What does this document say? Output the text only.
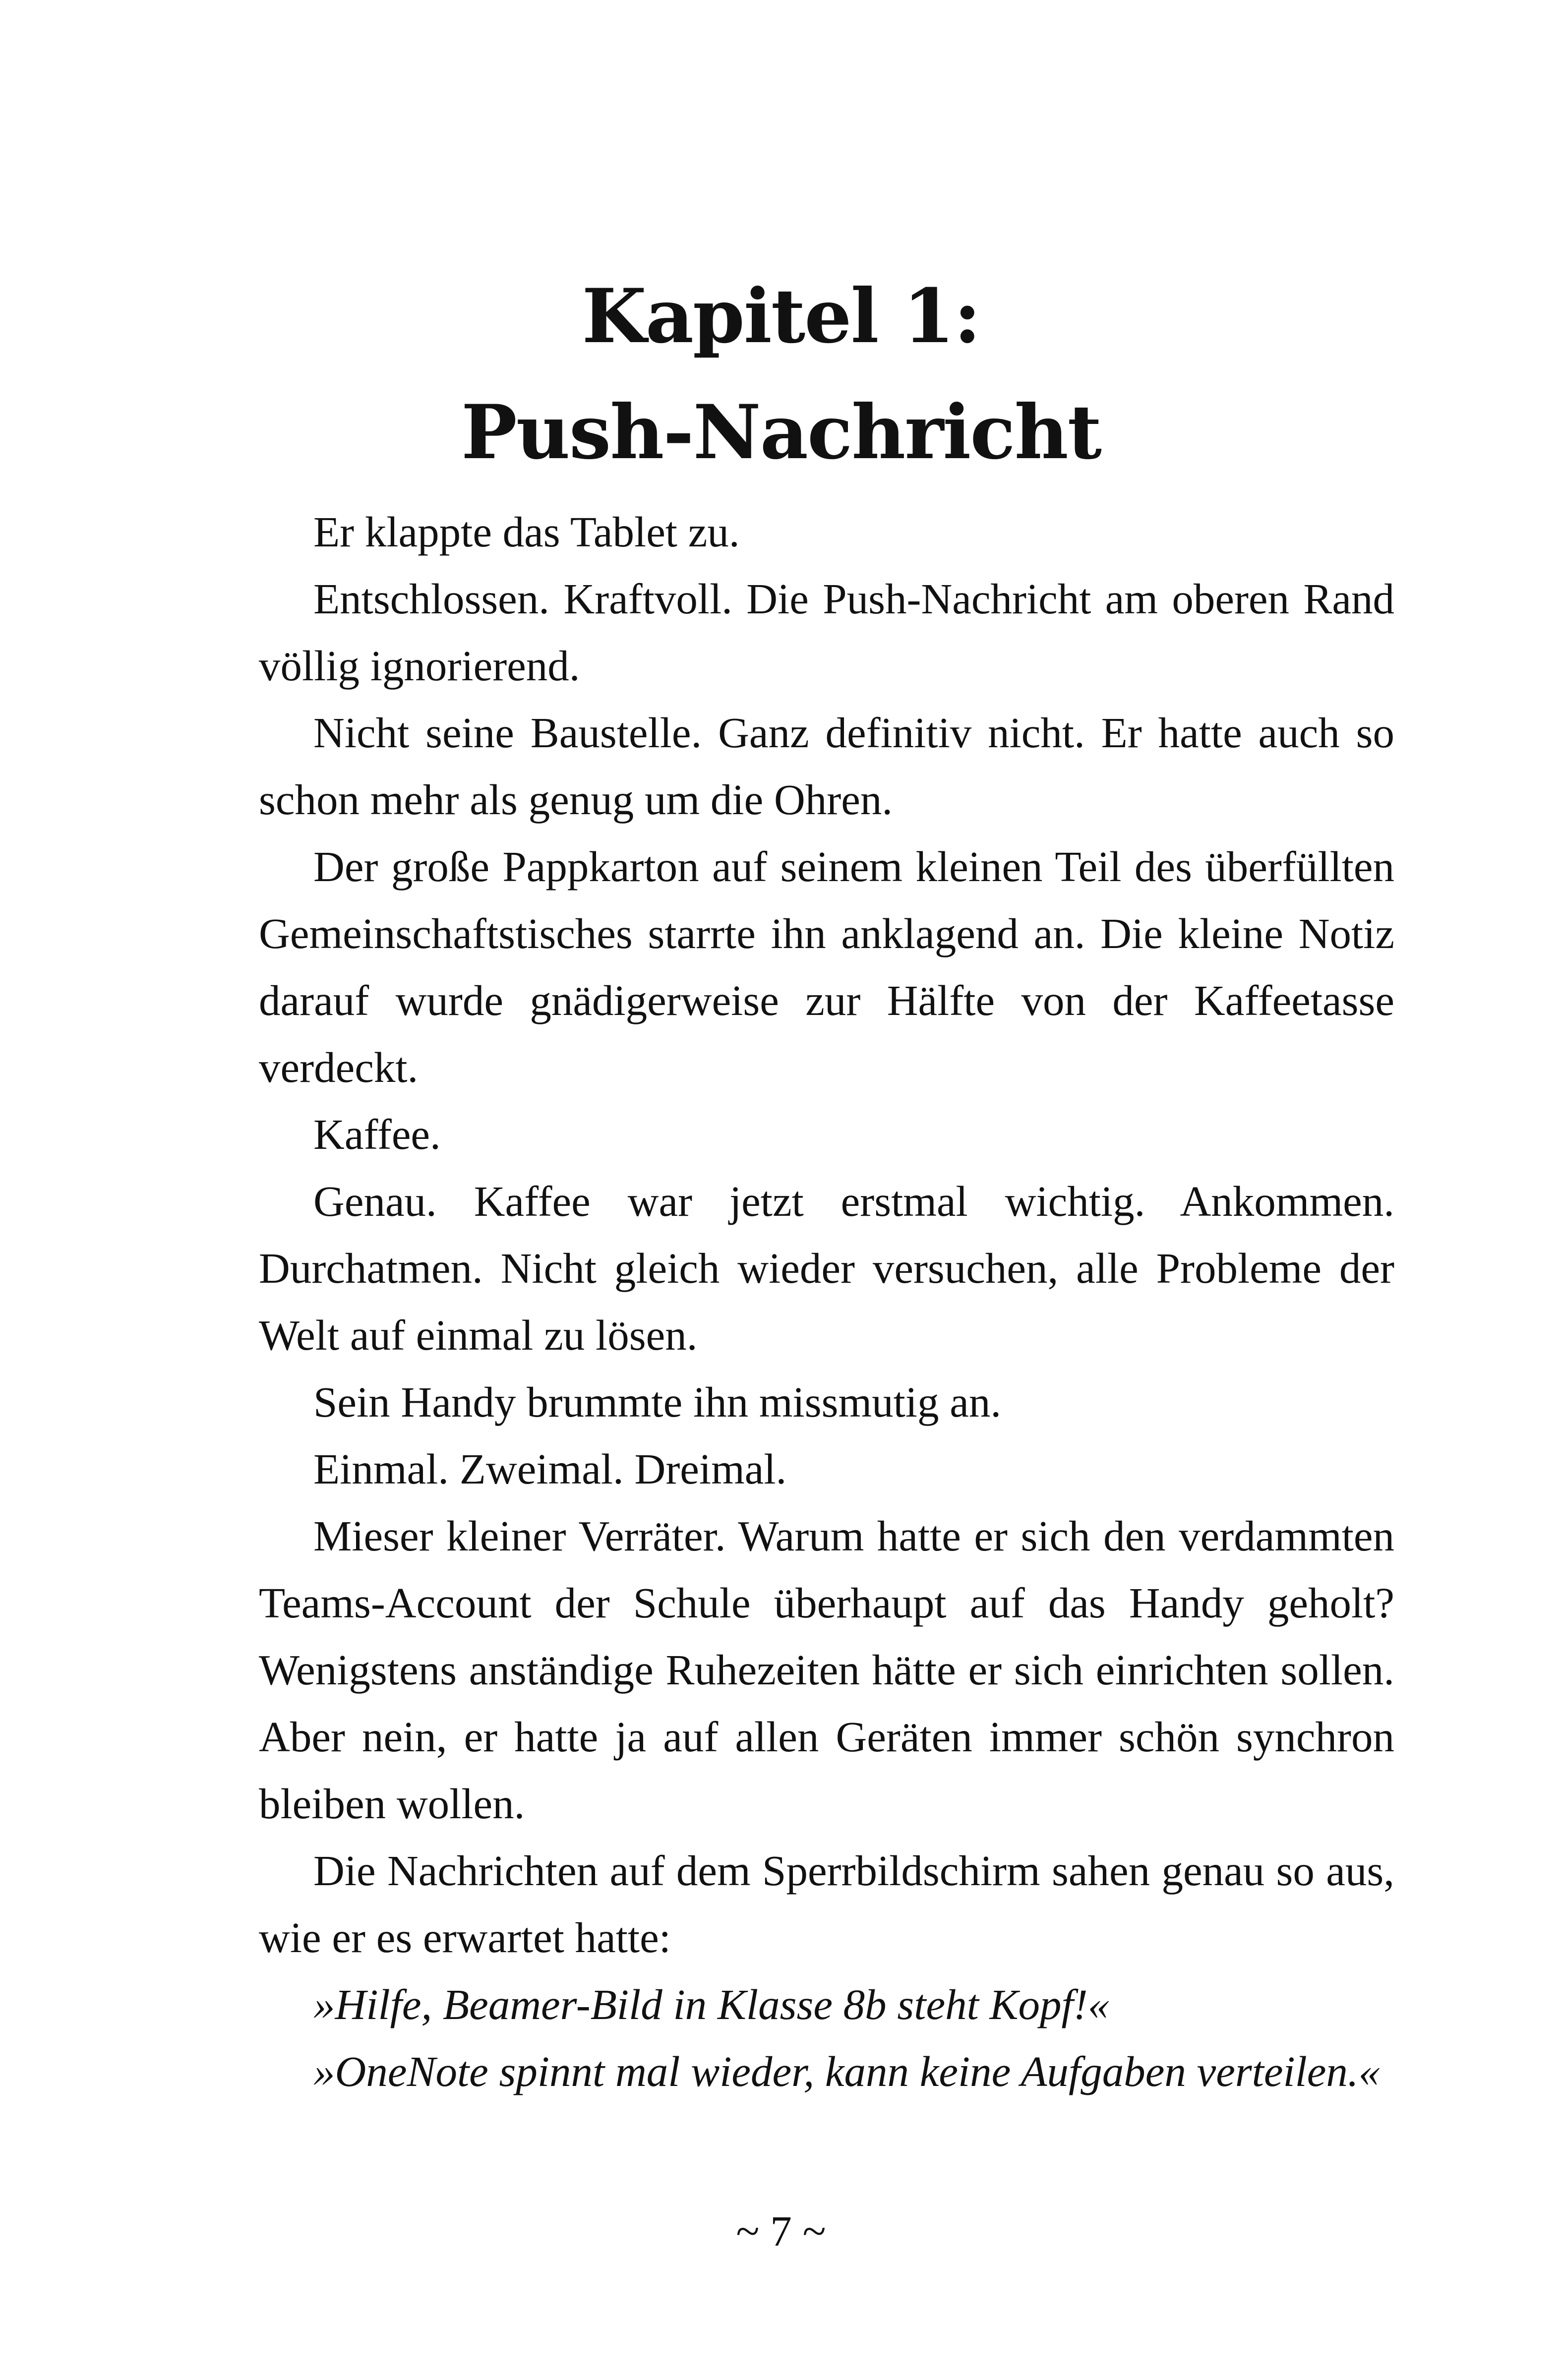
Kapitel 1:
Push-Nachricht

Er klappte das Tablet zu.

Entschlossen. Kraftvoll. Die Push-Nachricht am oberen Rand völlig ignorierend.

Nicht seine Baustelle. Ganz definitiv nicht. Er hatte auch so schon mehr als genug um die Ohren.

Der große Pappkarton auf seinem kleinen Teil des überfüllten Gemeinschaftstisches starrte ihn anklagend an. Die kleine Notiz darauf wurde gnädigerweise zur Hälfte von der Kaffeetasse verdeckt.

Kaffee.

Genau. Kaffee war jetzt erstmal wichtig. Ankommen. Durchatmen. Nicht gleich wieder versuchen, alle Probleme der Welt auf einmal zu lösen.

Sein Handy brummte ihn missmutig an.

Einmal. Zweimal. Dreimal.

Mieser kleiner Verräter. Warum hatte er sich den verdammten Teams-Account der Schule überhaupt auf das Handy geholt? Wenigstens anständige Ruhezeiten hätte er sich einrichten sollen. Aber nein, er hatte ja auf allen Geräten immer schön synchron bleiben wollen.

Die Nachrichten auf dem Sperrbildschirm sahen genau so aus, wie er es erwartet hatte:

»Hilfe, Beamer-Bild in Klasse 8b steht Kopf!«

»OneNote spinnt mal wieder, kann keine Aufgaben verteilen.«

~ 7 ~
